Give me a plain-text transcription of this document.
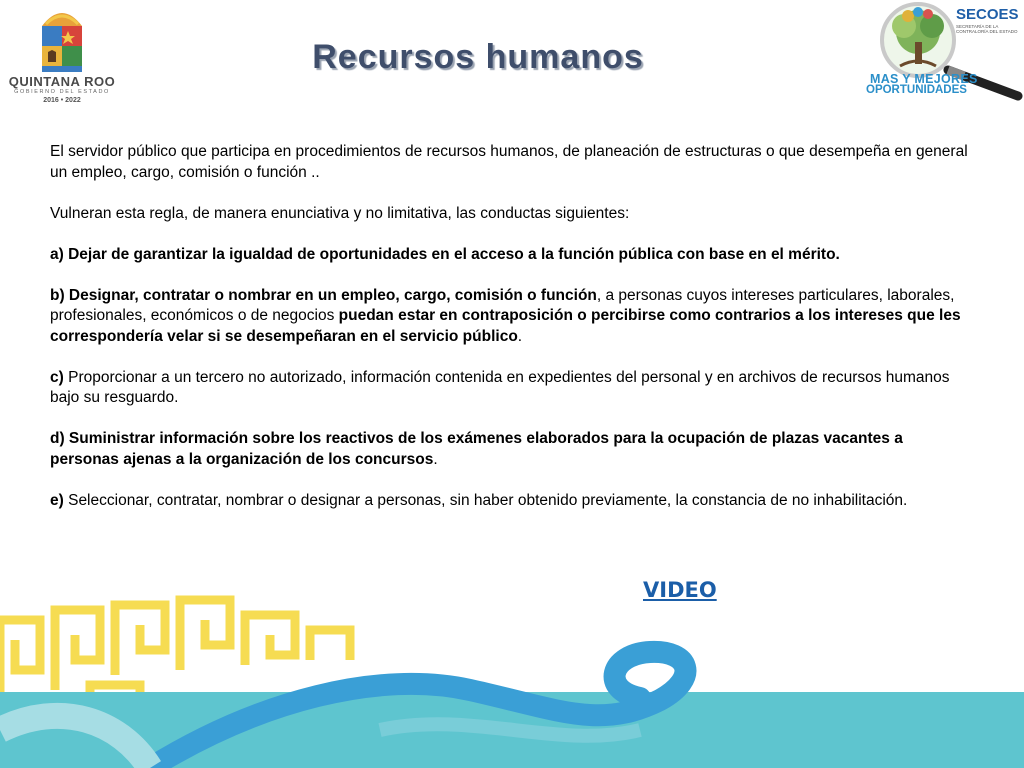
QUINTANA ROO
GOBIERNO DEL ESTADO
2016 • 2022
Recursos humanos
SECOES
SECRETARÍA DE LA CONTRALORÍA DEL ESTADO
MAS Y MEJORES
OPORTUNIDADES

El servidor público que participa en procedimientos de recursos humanos, de planeación de estructuras o que desempeña en general un empleo, cargo, comisión o función ..

Vulneran esta regla, de manera enunciativa y no limitativa, las conductas siguientes:

a) Dejar de garantizar la igualdad de oportunidades en el acceso a la función pública con base en el mérito.

b) Designar, contratar o nombrar en un empleo, cargo, comisión o función, a personas cuyos intereses particulares, laborales, profesionales, económicos o de negocios puedan estar en contraposición o percibirse como contrarios a los intereses que les correspondería velar si se desempeñaran en el servicio público.

c) Proporcionar a un tercero no autorizado, información contenida en expedientes del personal y en archivos de recursos humanos bajo su resguardo.

d) Suministrar información sobre los reactivos de los exámenes elaborados para la ocupación de plazas vacantes a personas ajenas a la organización de los concursos.

e) Seleccionar, contratar, nombrar o designar a personas, sin haber obtenido previamente, la constancia de no inhabilitación.

VIDEO
